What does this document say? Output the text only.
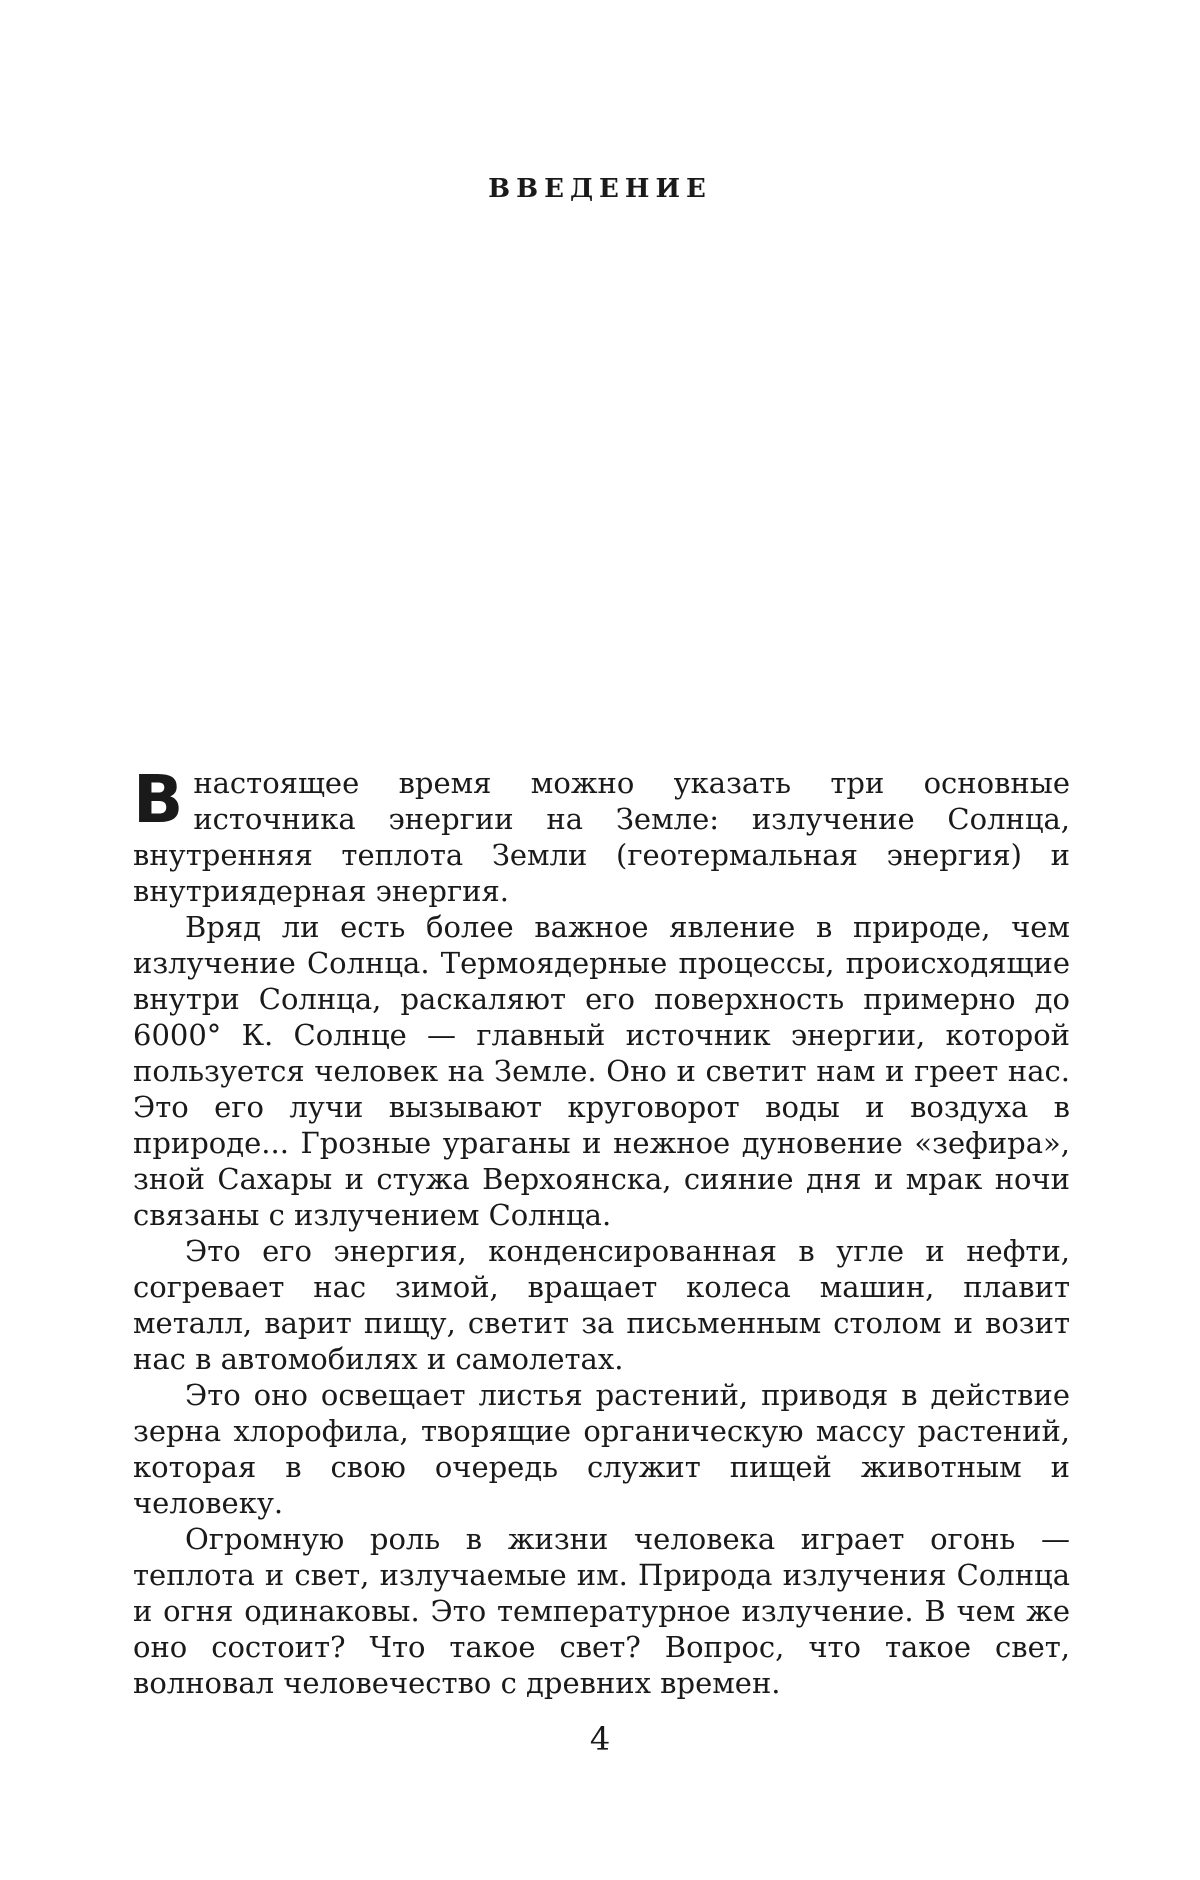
ВВЕДЕНИЕ

Внастоящее время можно указать три основные источника энергии на Земле: излучение Солнца, внутренняя теплота Земли (геотермальная энергия) и внутриядерная энергия.

Вряд ли есть более важное явление в природе, чем излучение Солнца. Термоядерные процессы, происходящие внутри Солнца, раскаляют его поверхность примерно до 6000° К. Солнце — главный источник энергии, которой пользуется человек на Земле. Оно и светит нам и греет нас. Это его лучи вызывают круговорот воды и воздуха в природе... Грозные ураганы и нежное дуновение «зефира», зной Сахары и стужа Верхоянска, сияние дня и мрак ночи связаны с излучением Солнца.

Это его энергия, конденсированная в угле и нефти, согревает нас зимой, вращает колеса машин, плавит металл, варит пищу, светит за письменным столом и возит нас в автомобилях и самолетах.

Это оно освещает листья растений, приводя в действие зерна хлорофила, творящие органическую массу растений, которая в свою очередь служит пищей животным и человеку.

Огромную роль в жизни человека играет огонь — теплота и свет, излучаемые им. Природа излучения Солнца и огня одинаковы. Это температурное излучение. В чем же оно состоит? Что такое свет? Вопрос, что такое свет, волновал человечество с древних времен.

4
